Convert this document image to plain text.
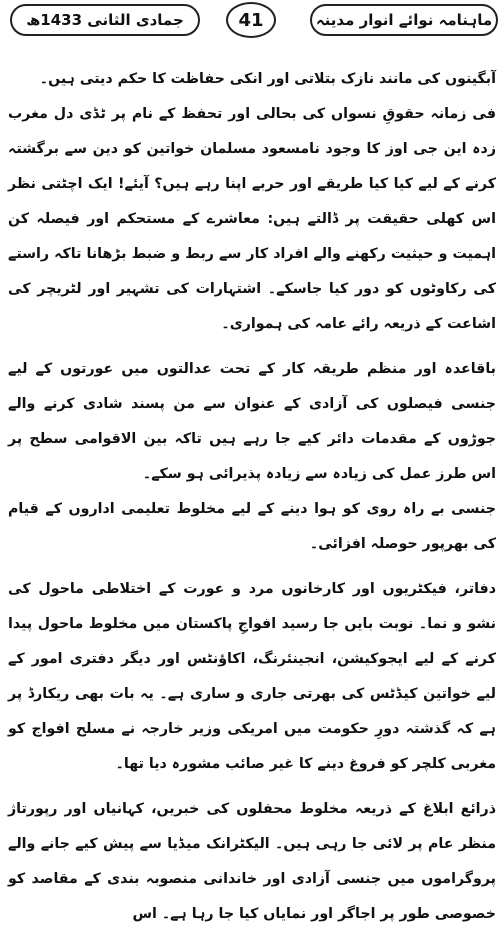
ماہنامہ نوائے انوار مدینہ
41
جمادی الثانی 1433ھ

آبگینوں کی مانند نازک بتلاتی اور انکی حفاظت کا حکم دیتی ہیں۔

فی زمانہ حقوقِ نسواں کی بحالی اور تحفظ کے نام پر ٹڈی دل مغرب زدہ این جی اوز کا وجود نامسعود مسلمان خواتین کو دین سے برگشتہ کرنے کے لیے کیا کیا طریقے اور حربے اپنا رہے ہیں؟ آیئے! ایک اچٹتی نظر اس کھلی حقیقت پر ڈالتے ہیں: معاشرے کے مستحکم اور فیصلہ کن اہمیت و حیثیت رکھنے والے افراد کار سے ربط و ضبط بڑھانا تاکہ راستے کی رکاوٹوں کو دور کیا جاسکے۔ اشتہارات کی تشہیر اور لٹریچر کی اشاعت کے ذریعہ رائے عامہ کی ہمواری۔

باقاعدہ اور منظم طریقہ کار کے تحت عدالتوں میں عورتوں کے لیے جنسی فیصلوں کی آزادی کے عنوان سے من پسند شادی کرنے والے جوڑوں کے مقدمات دائر کیے جا رہے ہیں تاکہ بین الاقوامی سطح پر اس طرز عمل کی زیادہ سے زیادہ پذیرائی ہو سکے۔

جنسی بے راہ روی کو ہوا دینے کے لیے مخلوط تعلیمی اداروں کے قیام کی بھرپور حوصلہ افزائی۔

دفاتر، فیکٹریوں اور کارخانوں مرد و عورت کے اختلاطی ماحول کی نشو و نما۔ نوبت بایں جا رسید افواجِ پاکستان میں مخلوط ماحول پیدا کرنے کے لیے ایجوکیشن، انجینئرنگ، اکاؤنٹس اور دیگر دفتری امور کے لیے خواتین کیڈٹس کی بھرتی جاری و ساری ہے۔ یہ بات بھی ریکارڈ پر ہے کہ گذشتہ دورِ حکومت میں امریکی وزیر خارجہ نے مسلح افواج کو مغربی کلچر کو فروغ دینے کا غیر صائب مشورہ دیا تھا۔

ذرائع ابلاغ کے ذریعہ مخلوط محفلوں کی خبریں، کہانیاں اور رپورتاژ منظر عام پر لائی جا رہی ہیں۔ الیکٹرانک میڈیا سے پیش کیے جانے والے پروگراموں میں جنسی آزادی اور خاندانی منصوبہ بندی کے مقاصد کو خصوصی طور پر اجاگر اور نمایاں کیا جا رہا ہے۔ اس
